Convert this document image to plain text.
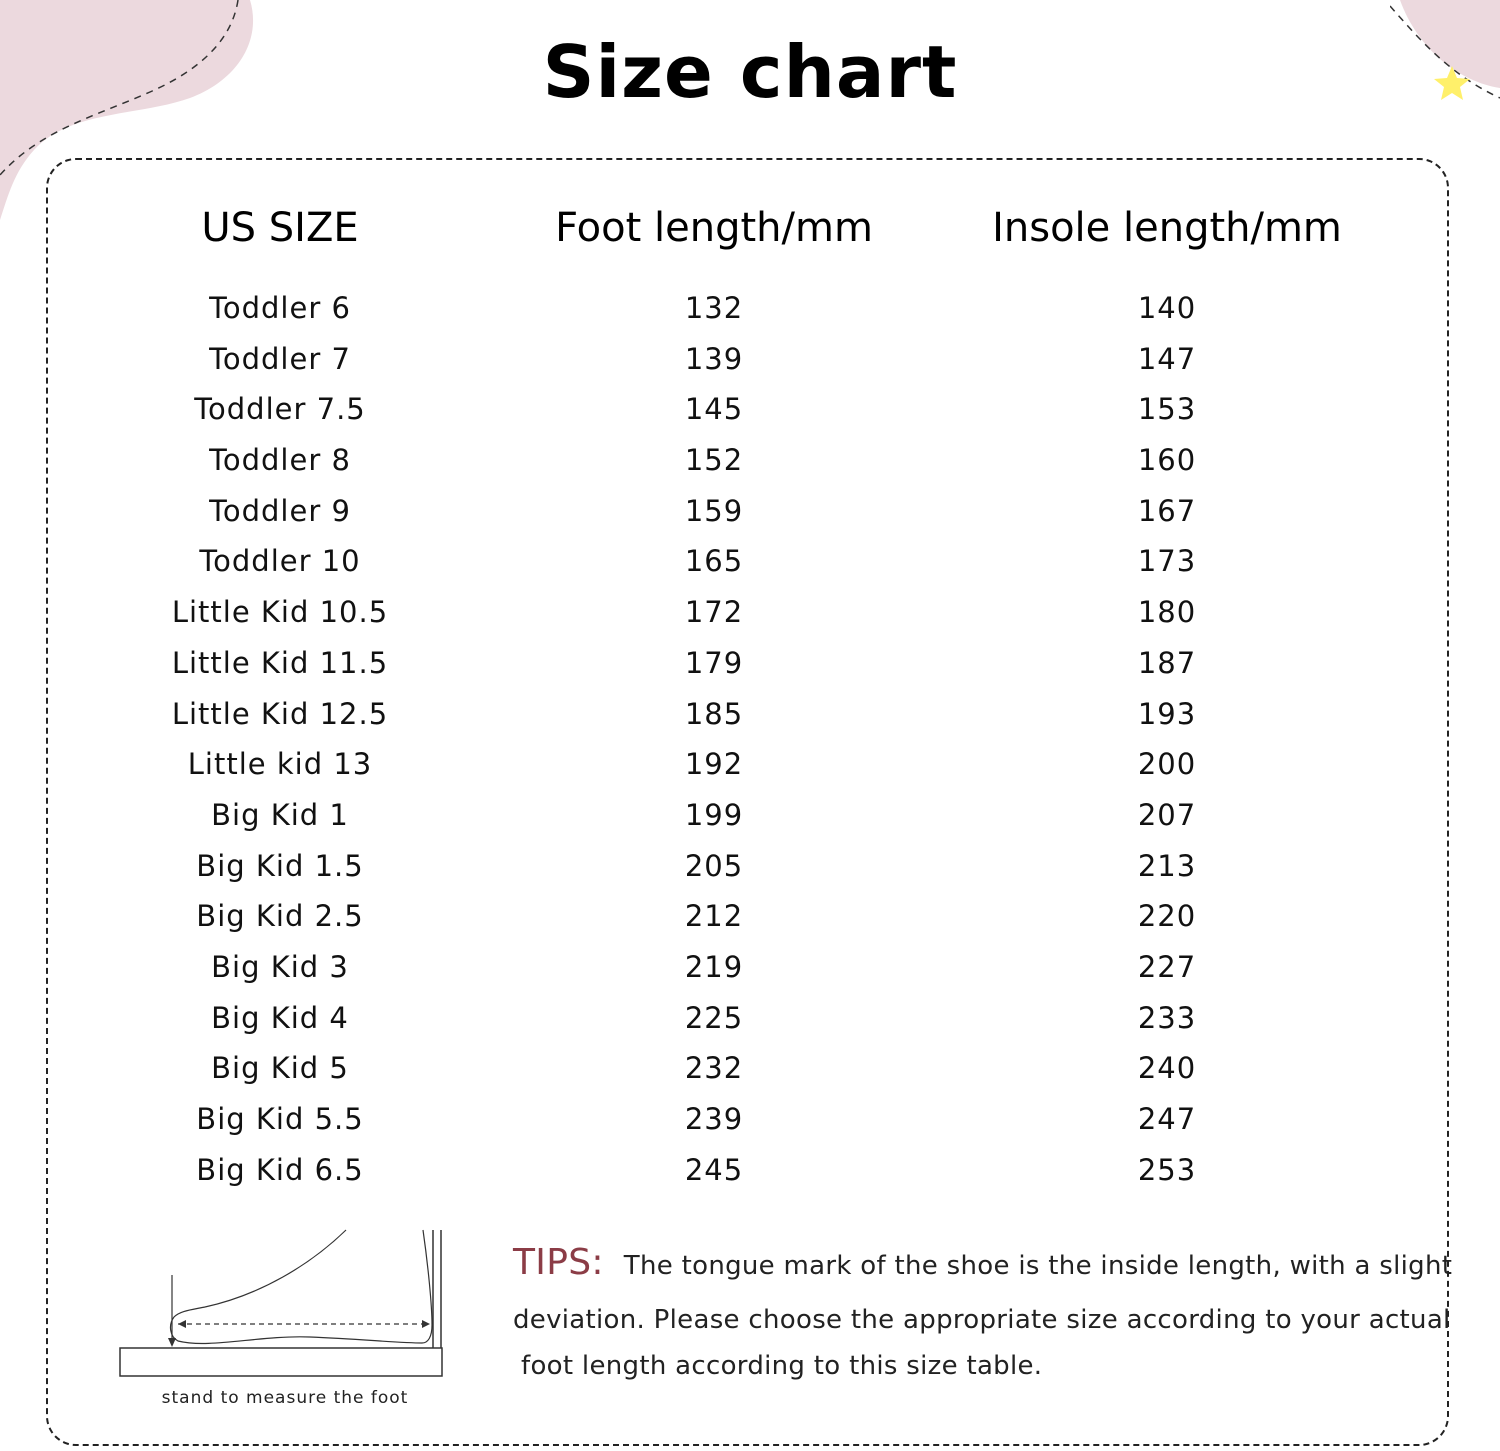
Size chart
US SIZE	Foot length/mm	Insole length/mm
Toddler 6	132	140
Toddler 7	139	147
Toddler 7.5	145	153
Toddler 8	152	160
Toddler 9	159	167
Toddler 10	165	173
Little Kid 10.5	172	180
Little Kid 11.5	179	187
Little Kid 12.5	185	193
Little kid 13	192	200
Big Kid 1	199	207
Big Kid 1.5	205	213
Big Kid 2.5	212	220
Big Kid 3	219	227
Big Kid 4	225	233
Big Kid 5	232	240
Big Kid 5.5	239	247
Big Kid 6.5	245	253
stand to measure the foot
TIPS: The tongue mark of the shoe is the inside length, with a slight
deviation. Please choose the appropriate size according to your actual
foot length according to this size table.
